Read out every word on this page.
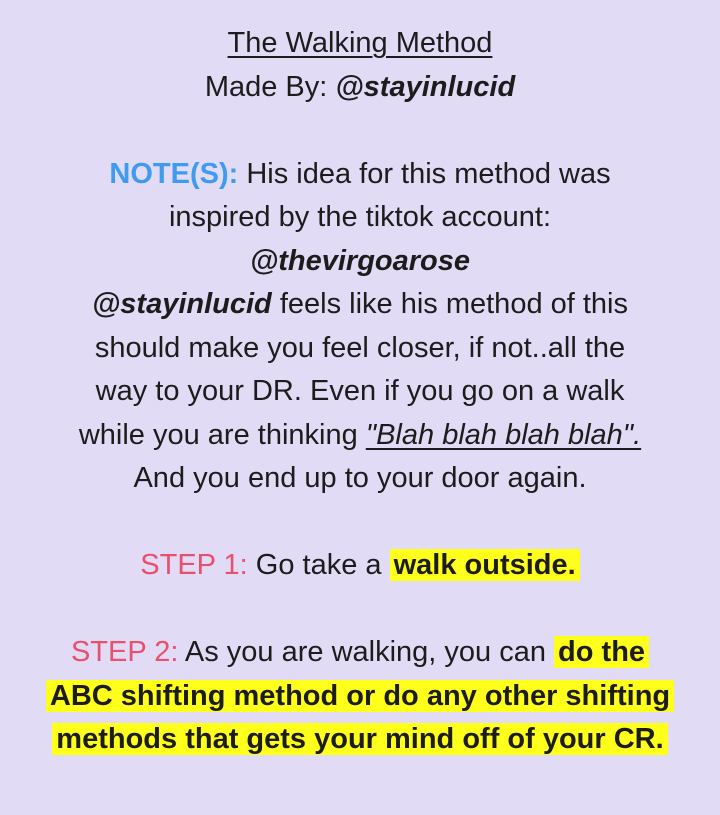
The Walking Method
Made By: @stayinlucid
NOTE(S): His idea for this method was
inspired by the tiktok account:
@thevirgoarose
@stayinlucid feels like his method of this
should make you feel closer, if not..all the
way to your DR. Even if you go on a walk
while you are thinking "Blah blah blah blah".
And you end up to your door again.
STEP 1: Go take a walk outside.
STEP 2: As you are walking, you can do the
ABC shifting method or do any other shifting
methods that gets your mind off of your CR.
